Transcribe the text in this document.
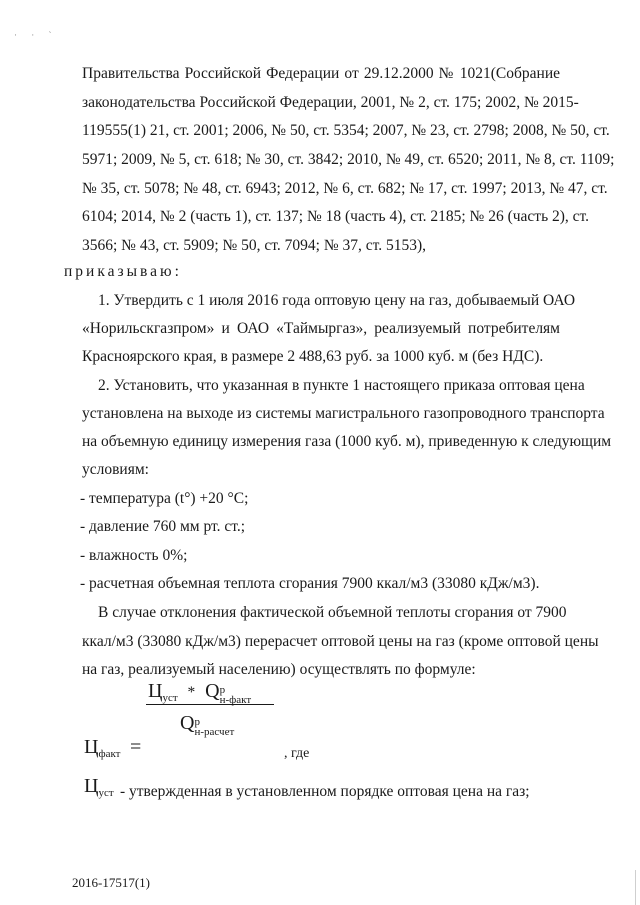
· · `
Правительства Российской Федерации от 29.12.2000 № 1021(Собрание
законодательства Российской Федерации, 2001, № 2, ст. 175; 2002, № 2015-
119555(1) 21, ст. 2001; 2006, № 50, ст. 5354; 2007, № 23, ст. 2798; 2008, № 50, ст.
5971; 2009, № 5, ст. 618; № 30, ст. 3842; 2010, № 49, ст. 6520; 2011, № 8, ст. 1109;
№ 35, ст. 5078; № 48, ст. 6943; 2012, № 6, ст. 682; № 17, ст. 1997; 2013, № 47, ст.
6104; 2014, № 2 (часть 1), ст. 137; № 18 (часть 4), ст. 2185; № 26 (часть 2), ст.
3566; № 43, ст. 5909; № 50, ст. 7094; № 37, ст. 5153),
приказываю:
1. Утвердить с 1 июля 2016 года оптовую цену на газ, добываемый ОАО
«Норильскгазпром» и ОАО «Таймыргаз», реализуемый потребителям
Красноярского края, в размере 2 488,63 руб. за 1000 куб. м (без НДС).
2. Установить, что указанная в пункте 1 настоящего приказа оптовая цена
установлена на выходе из системы магистрального газопроводного транспорта
на объемную единицу измерения газа (1000 куб. м), приведенную к следующим
условиям:
- температура (t°) +20 °С;
- давление 760 мм рт. ст.;
- влажность 0%;
- расчетная объемная теплота сгорания 7900 ккал/м3 (33080 кДж/м3).
В случае отклонения фактической объемной теплоты сгорания от 7900
ккал/м3 (33080 кДж/м3) перерасчет оптовой цены на газ (кроме оптовой цены
на газ, реализуемый населению) осуществлять по формуле:
$Ц_{факт}$ =
$Ц_{уст}$ * Qр
н-факт
Qр
н-расчет
, где
$Ц_{уст}$ - утвержденная в установленном порядке оптовая цена на газ;
2016-17517(1)
